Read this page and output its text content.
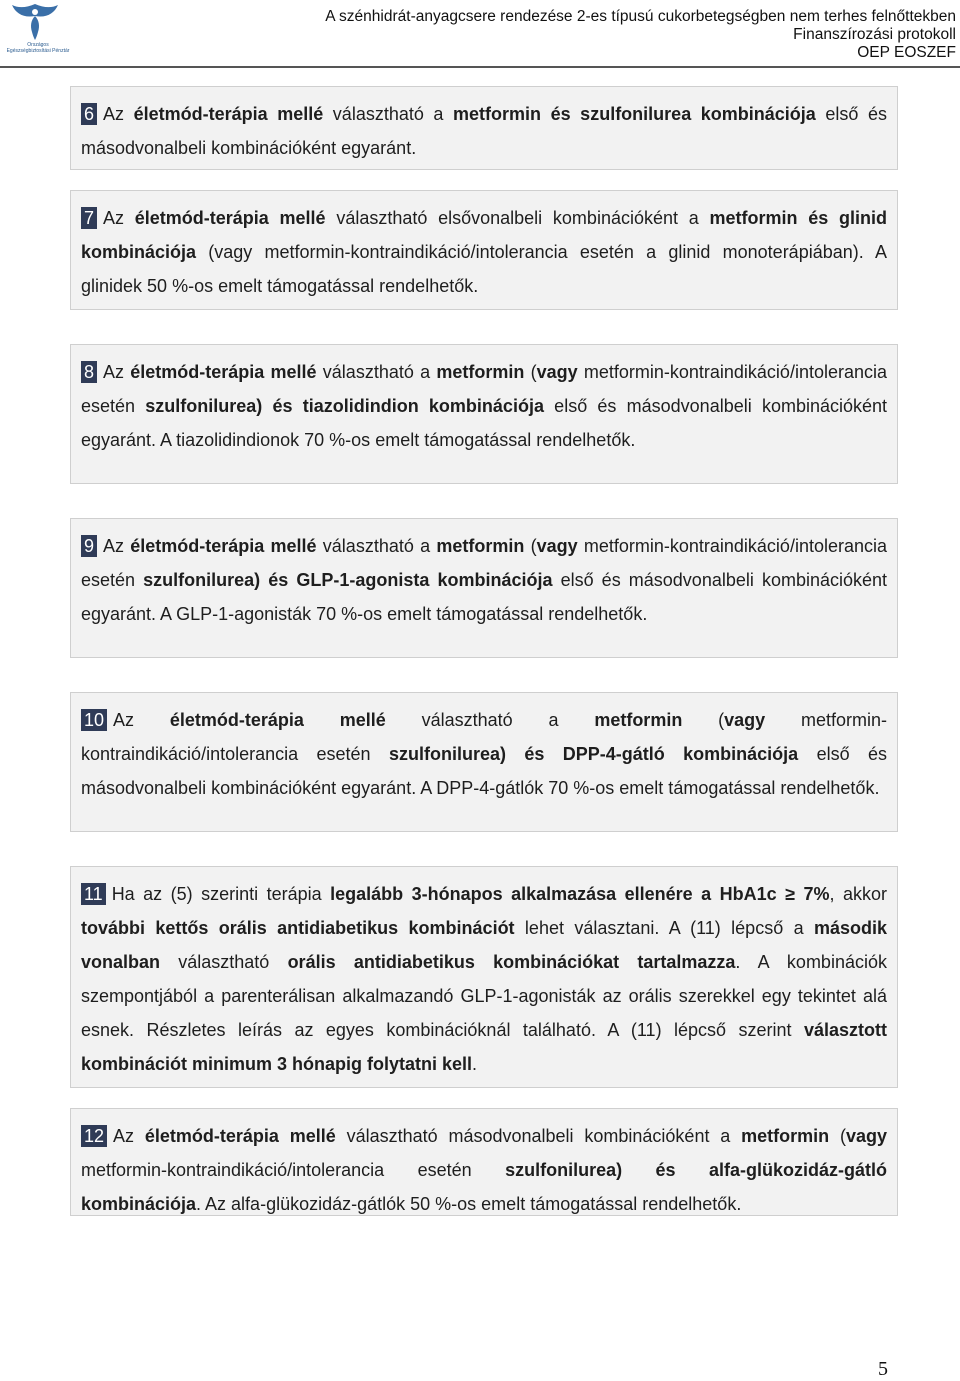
Országos Egészségbiztosítási Pénztár
A szénhidrát-anyagcsere rendezése 2-es típusú cukorbetegségben nem terhes felnőttekben
Finanszírozási protokoll
OEP EOSZEF

6 Az életmód-terápia mellé választható a metformin és szulfonilurea kombinációja első és másodvonalbeli kombinációként egyaránt.

7 Az életmód-terápia mellé választható elsővonalbeli kombinációként a metformin és glinid kombinációja (vagy metformin-kontraindikáció/intolerancia esetén a glinid monoterápiában). A glinidek 50 %-os emelt támogatással rendelhetők.

8 Az életmód-terápia mellé választható a metformin (vagy metformin-kontraindikáció/intolerancia esetén szulfonilurea) és tiazolidindion kombinációja első és másodvonalbeli kombinációként egyaránt. A tiazolidindionok 70 %-os emelt támogatással rendelhetők.

9 Az életmód-terápia mellé választható a metformin (vagy metformin-kontraindikáció/intolerancia esetén szulfonilurea) és GLP-1-agonista kombinációja első és másodvonalbeli kombinációként egyaránt. A GLP-1-agonisták 70 %-os emelt támogatással rendelhetők.

10 Az életmód-terápia mellé választható a metformin (vagy metformin-kontraindikáció/intolerancia esetén szulfonilurea) és DPP-4-gátló kombinációja első és másodvonalbeli kombinációként egyaránt. A DPP-4-gátlók 70 %-os emelt támogatással rendelhetők.

11 Ha az (5) szerinti terápia legalább 3-hónapos alkalmazása ellenére a HbA1c ≥ 7%, akkor további kettős orális antidiabetikus kombinációt lehet választani. A (11) lépcső a második vonalban választható orális antidiabetikus kombinációkat tartalmazza. A kombinációk szempontjából a parenterálisan alkalmazandó GLP-1-agonisták az orális szerekkel egy tekintet alá esnek. Részletes leírás az egyes kombinációknál található. A (11) lépcső szerint választott kombinációt minimum 3 hónapig folytatni kell.

12 Az életmód-terápia mellé választható másodvonalbeli kombinációként a metformin (vagy metformin-kontraindikáció/intolerancia esetén szulfonilurea) és alfa-glükozidáz-gátló kombinációja. Az alfa-glükozidáz-gátlók 50 %-os emelt támogatással rendelhetők.

5
